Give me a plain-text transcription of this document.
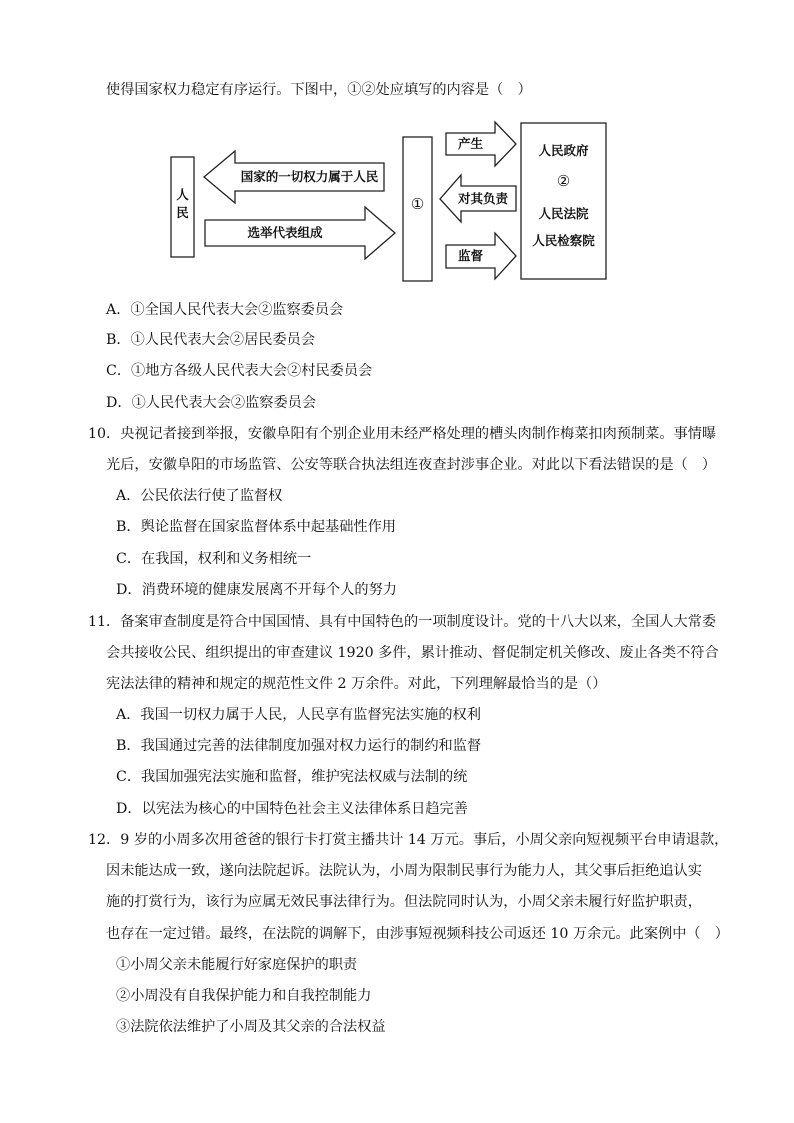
使得国家权力稳定有序运行。下图中，①②处应填写的内容是（　）
人民
国家的一切权力属于人民
选举代表组成
①
产生
对其负责
监督
人民政府
②
人民法院
人民检察院
A．①全国人民代表大会②监察委员会
B．①人民代表大会②居民委员会
C．①地方各级人民代表大会②村民委员会
D．①人民代表大会②监察委员会
10．央视记者接到举报，安徽阜阳有个别企业用未经严格处理的槽头肉制作梅菜扣肉预制菜。事情曝
光后，安徽阜阳的市场监管、公安等联合执法组连夜查封涉事企业。对此以下看法错误的是（　）
A．公民依法行使了监督权
B．舆论监督在国家监督体系中起基础性作用
C．在我国，权利和义务相统一
D．消费环境的健康发展离不开每个人的努力
11．备案审查制度是符合中国国情、具有中国特色的一项制度设计。党的十八大以来，全国人大常委
会共接收公民、组织提出的审查建议 1920 多件，累计推动、督促制定机关修改、废止各类不符合
宪法法律的精神和规定的规范性文件 2 万余件。对此，下列理解最恰当的是（）
A．我国一切权力属于人民，人民享有监督宪法实施的权利
B．我国通过完善的法律制度加强对权力运行的制约和监督
C．我国加强宪法实施和监督，维护宪法权威与法制的统
D．以宪法为核心的中国特色社会主义法律体系日趋完善
12．9 岁的小周多次用爸爸的银行卡打赏主播共计 14 万元。事后，小周父亲向短视频平台申请退款，
因未能达成一致，遂向法院起诉。法院认为，小周为限制民事行为能力人，其父事后拒绝追认实
施的打赏行为，该行为应属无效民事法律行为。但法院同时认为，小周父亲未履行好监护职责，
也存在一定过错。最终，在法院的调解下，由涉事短视频科技公司返还 10 万余元。此案例中（　）
①小周父亲未能履行好家庭保护的职责
②小周没有自我保护能力和自我控制能力
③法院依法维护了小周及其父亲的合法权益
